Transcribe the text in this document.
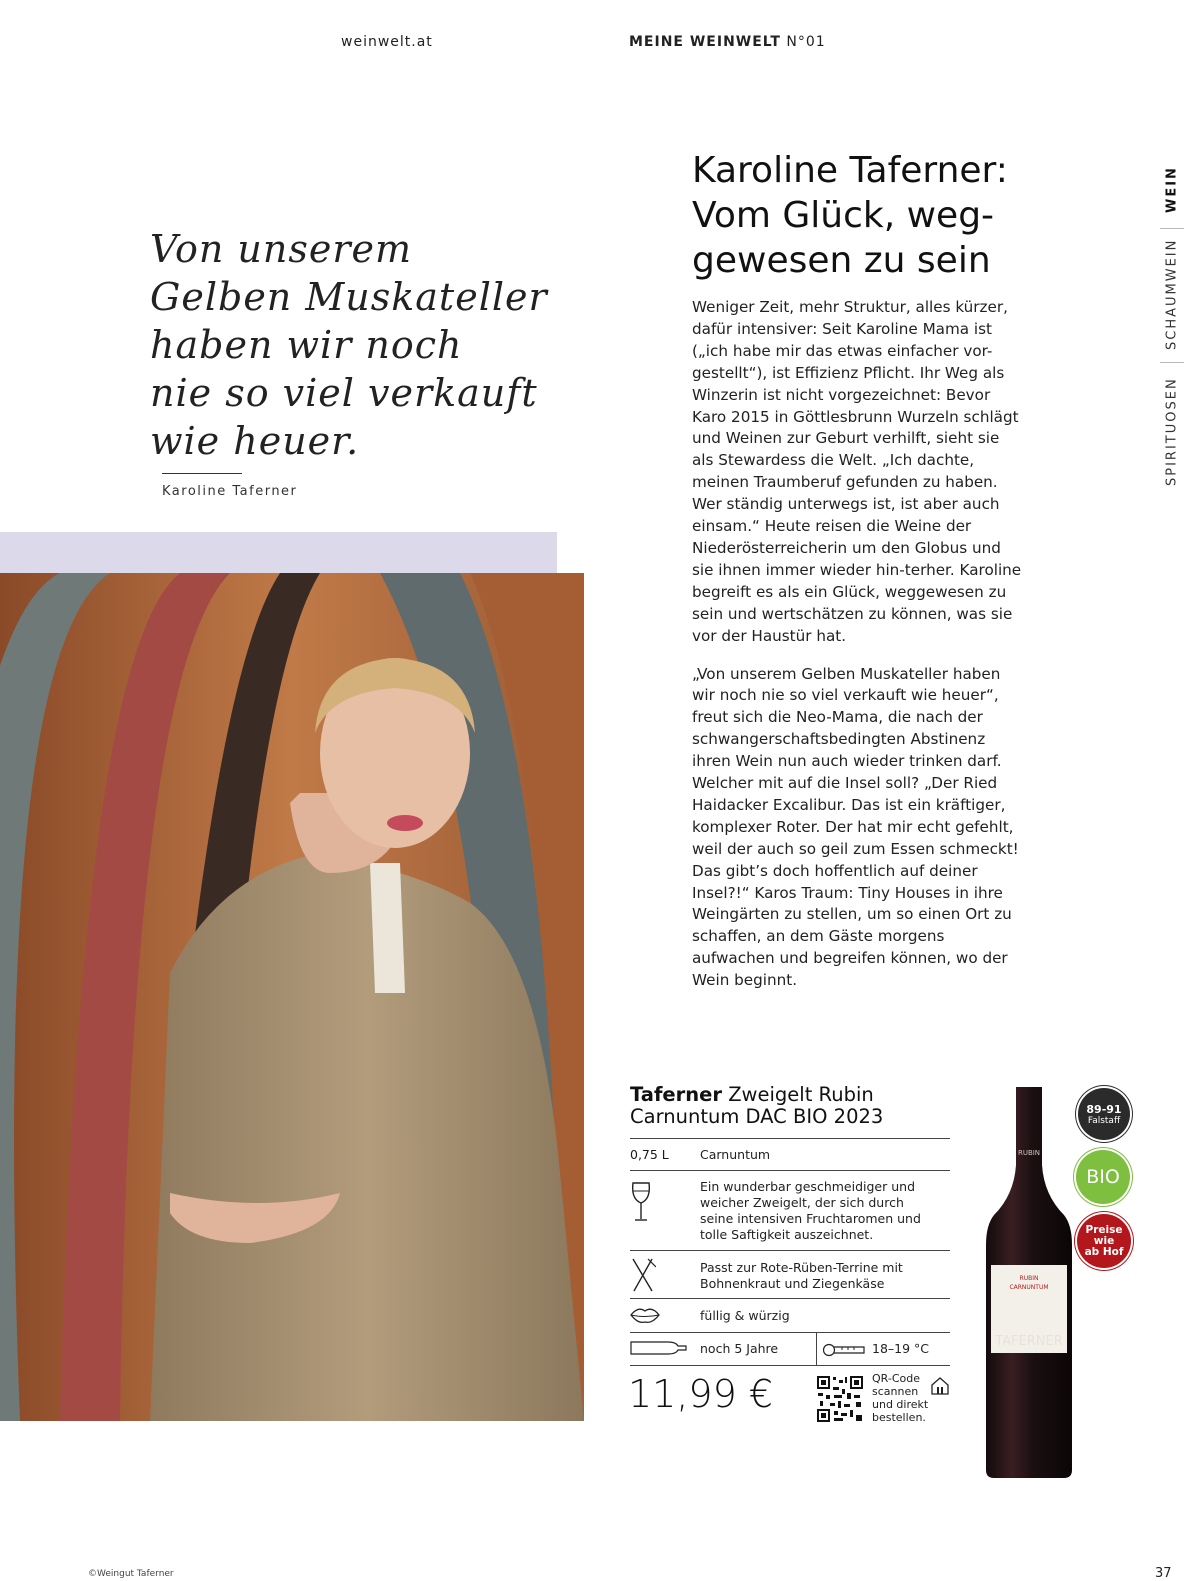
weinwelt.at	MEINE WEINWELT N°01
WEIN
SCHAUMWEIN
SPIRITUOSEN
Von unserem
Gelben Muskateller
haben wir noch
nie so viel verkauft
wie heuer.
Karoline Taferner
Karoline Taferner:
Vom Glück, weg-
gewesen zu sein

Weniger Zeit, mehr Struktur, alles kürzer, dafür intensiver: Seit Karoline Mama ist („ich habe mir das etwas einfacher vor-gestellt“), ist Effizienz Pflicht. Ihr Weg als Winzerin ist nicht vorgezeichnet: Bevor Karo 2015 in Göttlesbrunn Wurzeln schlägt und Weinen zur Geburt verhilft, sieht sie als Stewardess die Welt. „Ich dachte, meinen Traumberuf gefunden zu haben. Wer ständig unterwegs ist, ist aber auch einsam.“ Heute reisen die Weine der Niederösterreicherin um den Globus und sie ihnen immer wieder hin-terher. Karoline begreift es als ein Glück, weggewesen zu sein und wertschätzen zu können, was sie vor der Haustür hat.

„Von unserem Gelben Muskateller haben wir noch nie so viel verkauft wie heuer“, freut sich die Neo-Mama, die nach der schwangerschaftsbedingten Abstinenz ihren Wein nun auch wieder trinken darf. Welcher mit auf die Insel soll? „Der Ried Haidacker Excalibur. Das ist ein kräftiger, komplexer Roter. Der hat mir echt gefehlt, weil der auch so geil zum Essen schmeckt! Das gibt’s doch hoffentlich auf deiner Insel?!“ Karos Traum: Tiny Houses in ihre Weingärten zu stellen, um so einen Ort zu schaffen, an dem Gäste morgens aufwachen und begreifen können, wo der Wein beginnt.

Taferner Zweigelt Rubin
Carnuntum DAC BIO 2023
0,75 L Carnuntum
Ein wunderbar geschmeidiger und weicher Zweigelt, der sich durch seine intensiven Fruchtaromen und tolle Saftigkeit auszeichnet.
Passt zur Rote-Rüben-Terrine mit Bohnenkraut und Ziegenkäse
füllig & würzig
noch 5 Jahre	18–19 °C
11,99 €	QR-Code
scannen
und direkt
bestellen.
RUBIN
CARNUNTUM
TAFERNER
RUBIN
89-91
Falstaff
BIO
Preise
wie
ab Hof
©Weingut Taferner	37
